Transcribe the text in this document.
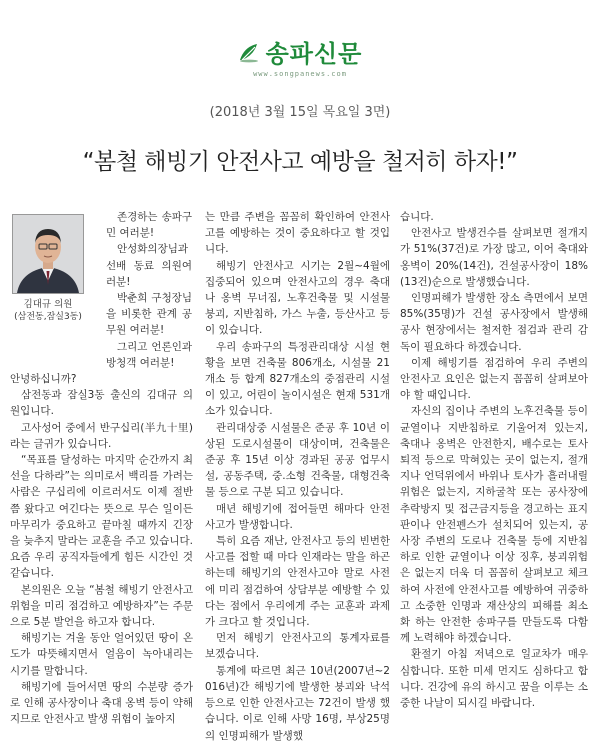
송파신문
www.songpanews.com
(2018년 3월 15일 목요일 3면)
“봄철 해빙기 안전사고 예방을 철저히 하자!”
김대규 의원
(삼전동,잠실3동)

존경하는 송파구민 여러분!

안성화의장님과 선배 동료 의원여러분!

박춘희 구청장님을 비롯한 관계 공무원 여러분!

그리고 언론인과 방청객 여러분!

안녕하십니까?

삼전동과 잠실3동 출신의 김대규 의원입니다.

고사성어 중에서 반구십리(半九十里)라는 글귀가 있습니다.

“목표를 달성하는 마지막 순간까지 최선을 다하라”는 의미로서 백리를 가려는 사람은 구십리에 이르러서도 이제 절반쯤 왔다고 여긴다는 뜻으로 무슨 일이든 마무리가 중요하고 끝마칠 때까지 긴장을 늦추지 말라는 교훈을 주고 있습니다. 요즘 우리 공직자들에게 힘든 시간인 것 같습니다.

본의원은 오늘 “봄철 해빙기 안전사고 위험을 미리 점검하고 예방하자”는 주문으로 5분 발언을 하고자 합니다.

해빙기는 겨울 동안 얼어있던 땅이 온도가 따뜻해지면서 얼음이 녹아내리는 시기를 말합니다.

해빙기에 들어서면 땅의 수분량 증가로 인해 공사장이나 축대 옹벽 등이 약해지므로 안전사고 발생 위험이 높아지

는 만큼 주변을 꼼꼼히 확인하여 안전사고를 예방하는 것이 중요하다고 할 것입니다.

해빙기 안전사고 시기는 2월~4월에 집중되어 있으며 안전사고의 경우 축대나 옹벽 무너짐, 노후건축물 및 시설물 붕괴, 지반침하, 가스 누출, 등산사고 등이 있습니다.

우리 송파구의 특정관리대상 시설 현황을 보면 건축물 806개소, 시설물 21개소 등 합계 827개소의 중점관리 시설이 있고, 어린이 놀이시설은 현재 531개소가 있습니다.

관리대상중 시설물은 준공 후 10년 이상된 도로시설물이 대상이며, 건축물은 준공 후 15년 이상 경과된 공공 업무시설, 공동주택, 중.소형 건축물, 대형건축물 등으로 구분 되고 있습니다.

매년 해빙기에 접어들면 해마다 안전사고가 발생합니다.

특히 요즘 재난, 안전사고 등의 빈번한 사고를 접할 때 마다 인재라는 말을 하곤 하는데 해빙기의 안전사고야 말로 사전에 미리 점검하여 상담부분 예방할 수 있다는 점에서 우리에게 주는 교훈과 과제가 크다고 할 것입니다.

먼저 해빙기 안전사고의 통계자료를 보겠습니다.

통계에 따르면 최근 10년(2007년~2016년)간 해빙기에 발생한 붕괴와 낙석 등으로 인한 안전사고는 72건이 발생 했습니다. 이로 인해 사망 16명, 부상25명의 인명피해가 발생했

습니다.

안전사고 발생건수를 살펴보면 절개지가 51%(37건)로 가장 많고, 이어 축대와 옹벽이 20%(14건), 건설공사장이 18%(13건)순으로 발생했습니다.

인명피해가 발생한 장소 측면에서 보면 85%(35명)가 건설 공사장에서 발생해 공사 현장에서는 철저한 점검과 관리 감독이 필요하다 하겠습니다.

이제 해빙기를 점검하여 우리 주변의 안전사고 요인은 없는지 꼼꼼히 살펴보아야 할 때입니다.

자신의 집이나 주변의 노후건축물 등이 균열이나 지반침하로 기울어져 있는지, 축대나 옹벽은 안전한지, 배수로는 토사 퇴적 등으로 막혀있는 곳이 없는지, 절개지나 언덕위에서 바위나 토사가 흘러내릴 위험은 없는지, 지하굴착 또는 공사장에 추락방지 및 접근금지등을 경고하는 표지판이나 안전펜스가 설치되어 있는지, 공사장 주변의 도로나 건축물 등에 지반침하로 인한 균열이나 이상 징후, 붕괴위험은 없는지 더욱 더 꼼꼼히 살펴보고 체크하여 사전에 안전사고를 예방하여 귀중하고 소중한 인명과 재산상의 피해를 최소화 하는 안전한 송파구를 만들도록 다함께 노력해야 하겠습니다.

환절기 아침 저녁으로 일교차가 매우 심합니다. 또한 미세 먼지도 심하다고 합니다. 건강에 유의 하시고 꿈을 이루는 소중한 나날이 되시길 바랍니다.
